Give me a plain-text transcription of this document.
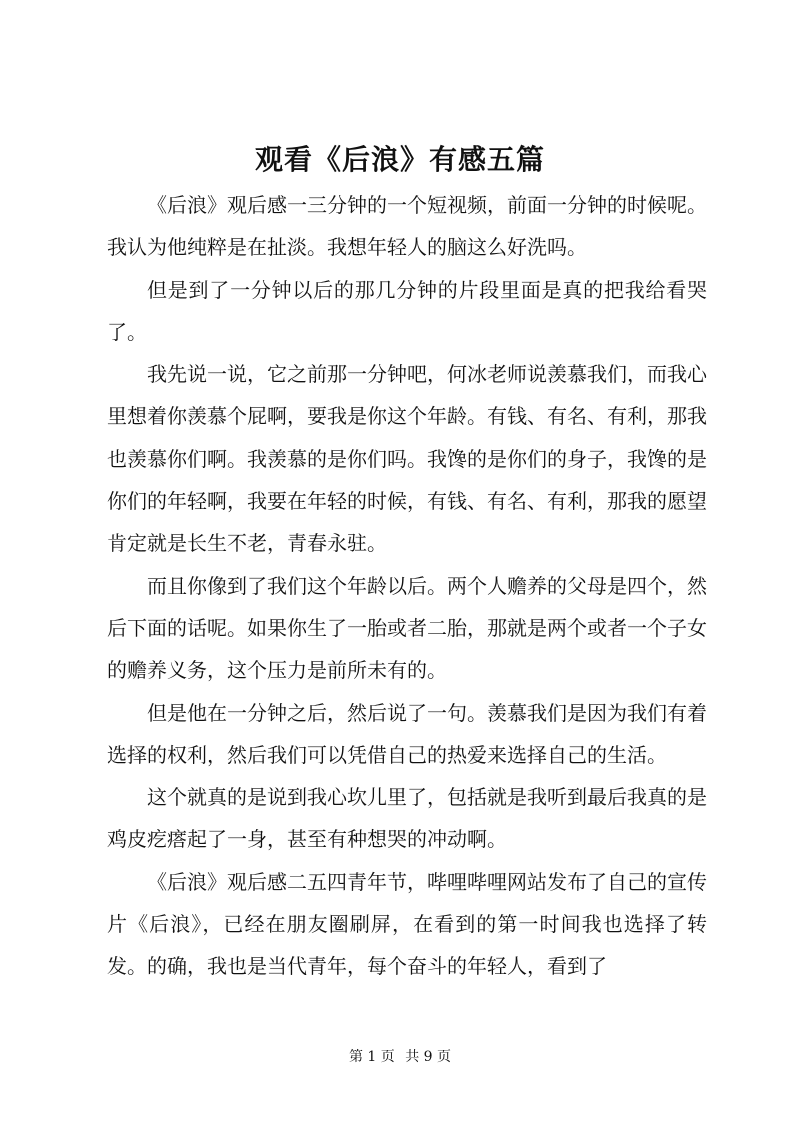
观看《后浪》有感五篇

《后浪》观后感一三分钟的一个短视频，前面一分钟的时候呢。我认为他纯粹是在扯淡。我想年轻人的脑这么好洗吗。

但是到了一分钟以后的那几分钟的片段里面是真的把我给看哭了。

我先说一说，它之前那一分钟吧，何冰老师说羡慕我们，而我心里想着你羡慕个屁啊，要我是你这个年龄。有钱、有名、有利，那我也羡慕你们啊。我羡慕的是你们吗。我馋的是你们的身子，我馋的是你们的年轻啊，我要在年轻的时候，有钱、有名、有利，那我的愿望肯定就是长生不老，青春永驻。

而且你像到了我们这个年龄以后。两个人赡养的父母是四个，然后下面的话呢。如果你生了一胎或者二胎，那就是两个或者一个子女的赡养义务，这个压力是前所未有的。

但是他在一分钟之后，然后说了一句。羡慕我们是因为我们有着选择的权利，然后我们可以凭借自己的热爱来选择自己的生活。

这个就真的是说到我心坎儿里了，包括就是我听到最后我真的是鸡皮疙瘩起了一身，甚至有种想哭的冲动啊。

《后浪》观后感二五四青年节，哔哩哔哩网站发布了自己的宣传片《后浪》，已经在朋友圈刷屏，在看到的第一时间我也选择了转发。的确，我也是当代青年，每个奋斗的年轻人，看到了

第 1 页 共 9 页
